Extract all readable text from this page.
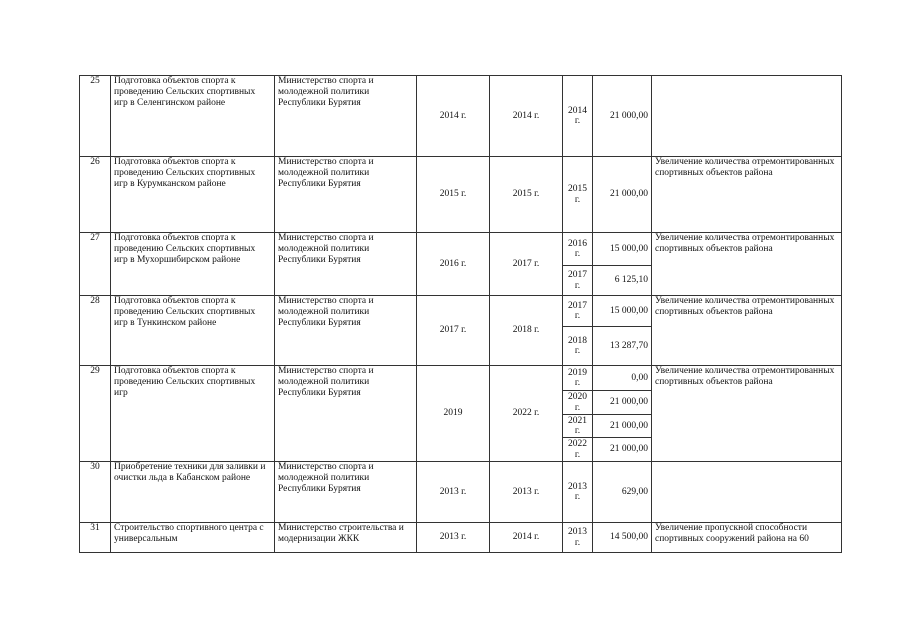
25	Подготовка объектов спорта к проведению Сельских спортивных игр в Селенгинском районе	Министерство спорта и молодежной политики Республики Бурятия	2014 г.	2014 г.	2014 г.	21 000,00	
26	Подготовка объектов спорта к проведению Сельских спортивных игр в Курумканском районе	Министерство спорта и молодежной политики Республики Бурятия	2015 г.	2015 г.	2015 г.	21 000,00	Увеличение количества отремонтированных спортивных объектов района
27	Подготовка объектов спорта к проведению Сельских спортивных игр в Мухоршибирском районе	Министерство спорта и молодежной политики Республики Бурятия	2016 г.	2017 г.	2016 г.	15 000,00	Увеличение количества отремонтированных спортивных объектов района
					2017 г.	6 125,10	
28	Подготовка объектов спорта к проведению Сельских спортивных игр в Тункинском районе	Министерство спорта и молодежной политики Республики Бурятия	2017 г.	2018 г.	2017 г.	15 000,00	Увеличение количества отремонтированных спортивных объектов района
					2018 г.	13 287,70	
29	Подготовка объектов спорта к проведению Сельских спортивных игр	Министерство спорта и молодежной политики Республики Бурятия	2019	2022 г.	2019 г.	0,00	Увеличение количества отремонтированных спортивных объектов района
					2020 г.	21 000,00	
					2021 г.	21 000,00	
					2022 г.	21 000,00	
30	Приобретение техники для заливки и очистки льда в Кабанском районе	Министерство спорта и молодежной политики Республики Бурятия	2013 г.	2013 г.	2013 г.	629,00	
31	Строительство спортивного центра с универсальным	Министерство строительства и модернизации ЖКК	2013 г.	2014 г.	2013 г.	14 500,00	Увеличение пропускной способности спортивных сооружений района на 60
